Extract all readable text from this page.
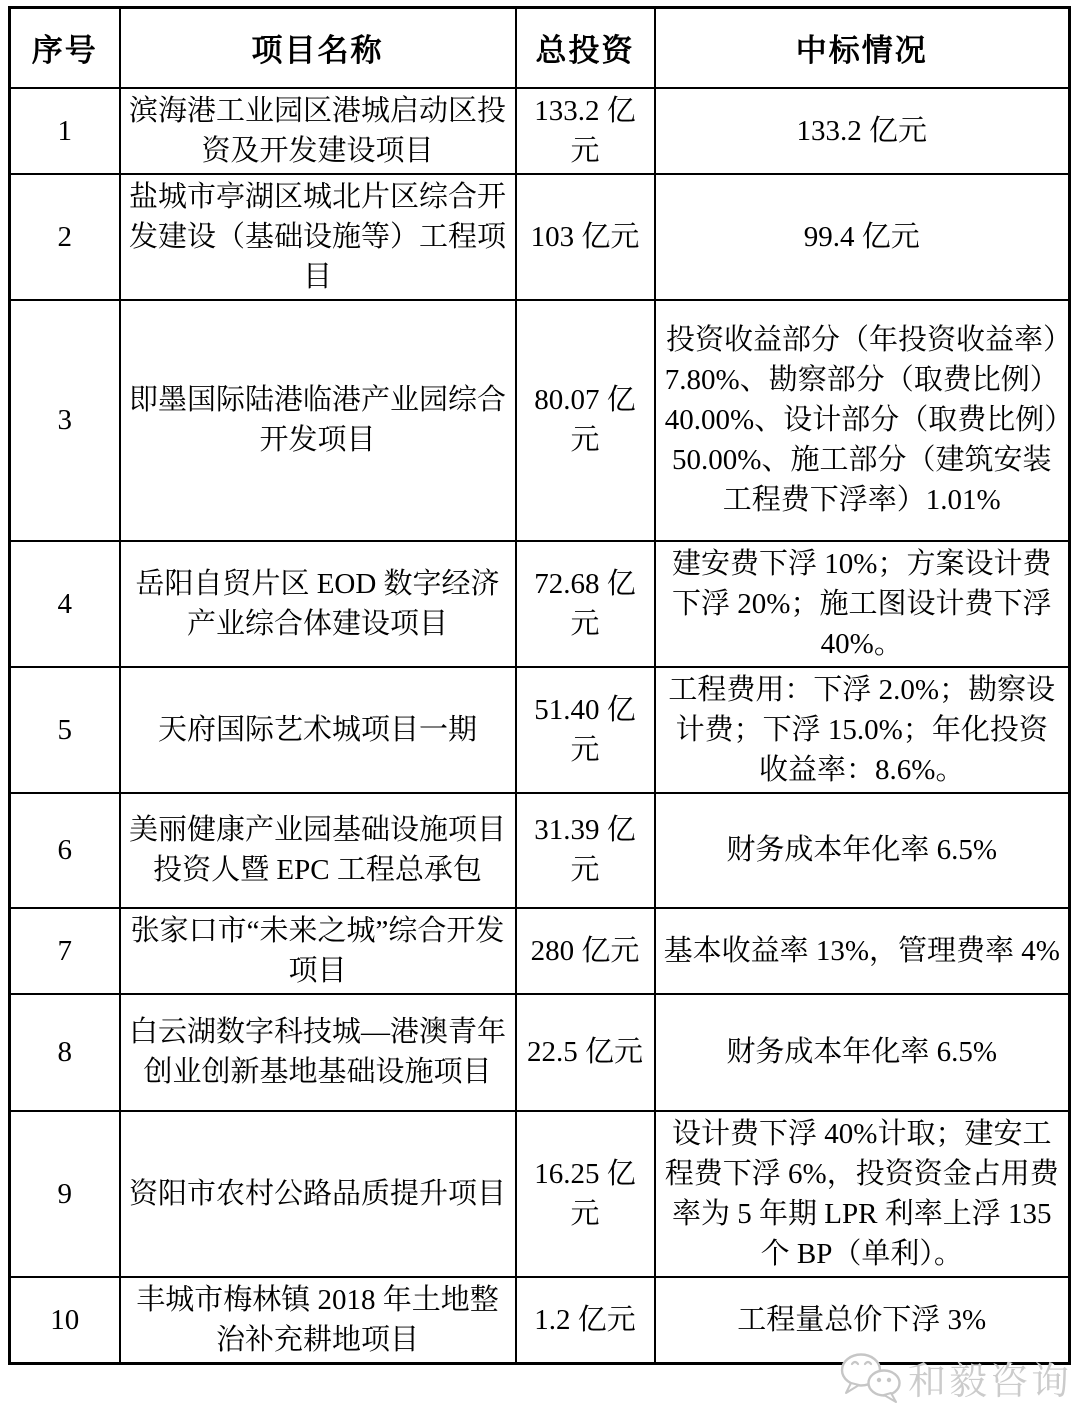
序号	项目名称	总投资	中标情况
1	滨海港工业园区港城启动区投资及开发建设项目	133.2 亿元	133.2 亿元
2	盐城市亭湖区城北片区综合开发建设（基础设施等）工程项目	103 亿元	99.4 亿元
3	即墨国际陆港临港产业园综合开发项目	80.07 亿元	投资收益部分（年投资收益率）7.80%、勘察部分（取费比例）40.00%、设计部分（取费比例）50.00%、施工部分（建筑安装工程费下浮率）1.01%
4	岳阳自贸片区 EOD 数字经济产业综合体建设项目	72.68 亿元	建安费下浮 10%；方案设计费下浮 20%；施工图设计费下浮 40%。
5	天府国际艺术城项目一期	51.40 亿元	工程费用：下浮 2.0%；勘察设计费；下浮 15.0%；年化投资收益率：8.6%。
6	美丽健康产业园基础设施项目投资人暨 EPC 工程总承包	31.39 亿元	财务成本年化率 6.5%
7	张家口市“未来之城”综合开发项目	280 亿元	基本收益率 13%，管理费率 4%
8	白云湖数字科技城—港澳青年创业创新基地基础设施项目	22.5 亿元	财务成本年化率 6.5%
9	资阳市农村公路品质提升项目	16.25 亿元	设计费下浮 40%计取；建安工程费下浮 6%，投资资金占用费率为 5 年期 LPR 利率上浮 135 个 BP（单利）。
10	丰城市梅林镇 2018 年土地整治补充耕地项目	1.2 亿元	工程量总价下浮 3%
和毅咨询
